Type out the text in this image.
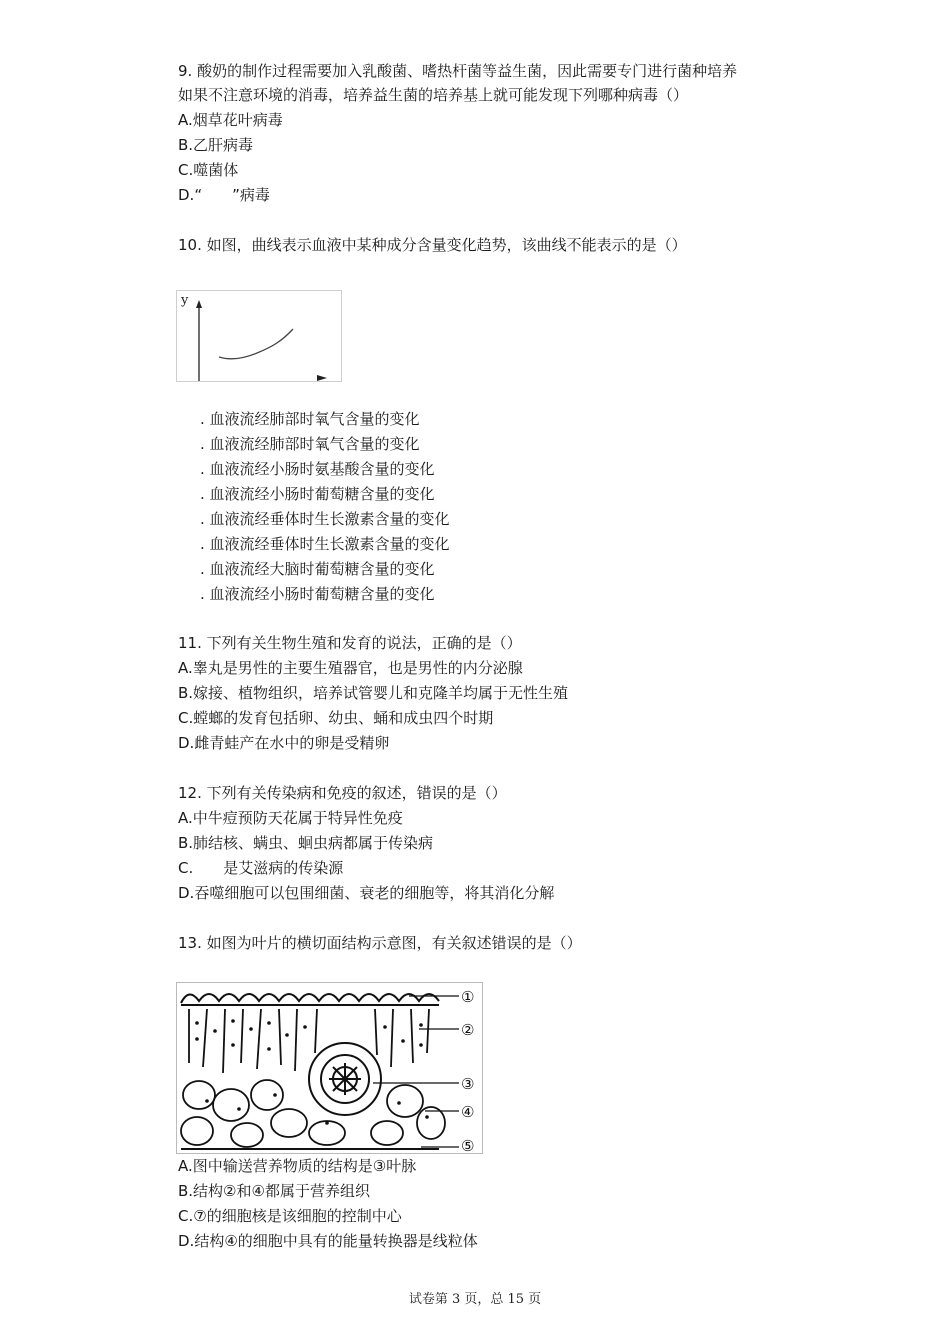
9. 酸奶的制作过程需要加入乳酸菌、嗜热杆菌等益生菌，因此需要专门进行菌种培养
如果不注意环境的消毒，培养益生菌的培养基上就可能发现下列哪种病毒（）
A.烟草花叶病毒
B.乙肝病毒
C.噬菌体
D.“　　”病毒
10. 如图，曲线表示血液中某种成分含量变化趋势，该曲线不能表示的是（）
y
. 血液流经肺部时氧气含量的变化
. 血液流经肺部时氧气含量的变化
. 血液流经小肠时氨基酸含量的变化
. 血液流经小肠时葡萄糖含量的变化
. 血液流经垂体时生长激素含量的变化
. 血液流经垂体时生长激素含量的变化
. 血液流经大脑时葡萄糖含量的变化
. 血液流经小肠时葡萄糖含量的变化
11. 下列有关生物生殖和发育的说法，正确的是（）
A.睾丸是男性的主要生殖器官，也是男性的内分泌腺
B.嫁接、植物组织，培养试管婴儿和克隆羊均属于无性生殖
C.螳螂的发育包括卵、幼虫、蛹和成虫四个时期
D.雌青蛙产在水中的卵是受精卵
12. 下列有关传染病和免疫的叙述，错误的是（）
A.中牛痘预防天花属于特异性免疫
B.肺结核、螨虫、蛔虫病都属于传染病
C.　　是艾滋病的传染源
D.吞噬细胞可以包围细菌、衰老的细胞等，将其消化分解
13. 如图为叶片的横切面结构示意图，有关叙述错误的是（）
①
②
③
④
⑤
A.图中输送营养物质的结构是③叶脉
B.结构②和④都属于营养组织
C.⑦的细胞核是该细胞的控制中心
D.结构④的细胞中具有的能量转换器是线粒体
试卷第 3 页，总 15 页
